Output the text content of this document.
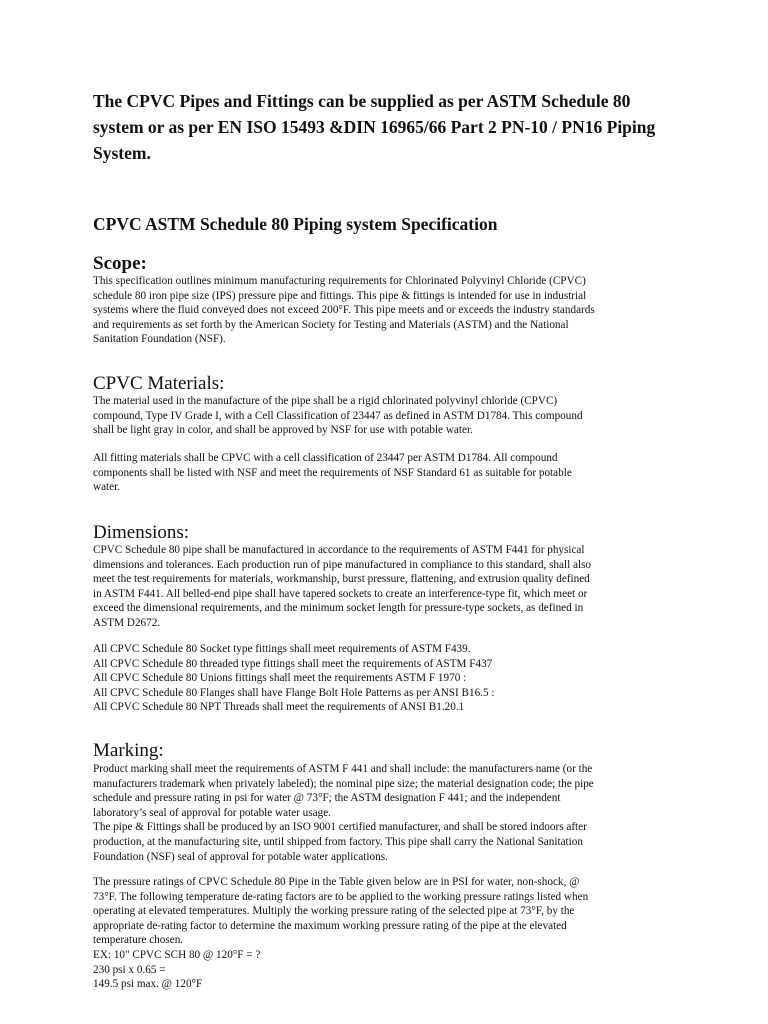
The CPVC Pipes and Fittings can be supplied as per ASTM Schedule 80 system or as per EN ISO 15493 &DIN 16965/66 Part 2 PN-10 / PN16 Piping System.

CPVC ASTM Schedule 80 Piping system Specification
Scope:
This specification outlines minimum manufacturing requirements for Chlorinated Polyvinyl Chloride (CPVC)
schedule 80 iron pipe size (IPS) pressure pipe and fittings. This pipe & fittings is intended for use in industrial
systems where the fluid conveyed does not exceed 200°F. This pipe meets and or exceeds the industry standards
and requirements as set forth by the American Society for Testing and Materials (ASTM) and the National
Sanitation Foundation (NSF).
CPVC Materials:
The material used in the manufacture of the pipe shall be a rigid chlorinated polyvinyl chloride (CPVC)
compound, Type IV Grade I, with a Cell Classification of 23447 as defined in ASTM D1784. This compound
shall be light gray in color, and shall be approved by NSF for use with potable water.
All fitting materials shall be CPVC with a cell classification of 23447 per ASTM D1784. All compound
components shall be listed with NSF and meet the requirements of NSF Standard 61 as suitable for potable
water.
Dimensions:
CPVC Schedule 80 pipe shall be manufactured in accordance to the requirements of ASTM F441 for physical
dimensions and tolerances. Each production run of pipe manufactured in compliance to this standard, shall also
meet the test requirements for materials, workmanship, burst pressure, flattening, and extrusion quality defined
in ASTM F441. All belled-end pipe shall have tapered sockets to create an interference-type fit, which meet or
exceed the dimensional requirements, and the minimum socket length for pressure-type sockets, as defined in
ASTM D2672.
All CPVC Schedule 80 Socket type fittings shall meet requirements of ASTM F439.
All CPVC Schedule 80 threaded type fittings shall meet the requirements of ASTM F437
All CPVC Schedule 80 Unions fittings shall meet the requirements ASTM F 1970 :
All CPVC Schedule 80 Flanges shall have Flange Bolt Hole Patterns as per ANSI B16.5 :
All CPVC Schedule 80 NPT Threads shall meet the requirements of ANSI B1.20.1
Marking:
Product marking shall meet the requirements of ASTM F 441 and shall include: the manufacturers name (or the
manufacturers trademark when privately labeled); the nominal pipe size; the material designation code; the pipe
schedule and pressure rating in psi for water @ 73°F; the ASTM designation F 441; and the independent
laboratory’s seal of approval for potable water usage.
The pipe & Fittings shall be produced by an ISO 9001 certified manufacturer, and shall be stored indoors after
production, at the manufacturing site, until shipped from factory. This pipe shall carry the National Sanitation
Foundation (NSF) seal of approval for potable water applications.
The pressure ratings of CPVC Schedule 80 Pipe in the Table given below are in PSI for water, non-shock, @
73°F. The following temperature de-rating factors are to be applied to the working pressure ratings listed when
operating at elevated temperatures. Multiply the working pressure rating of the selected pipe at 73°F, by the
appropriate de-rating factor to determine the maximum working pressure rating of the pipe at the elevated
temperature chosen.
EX: 10" CPVC SCH 80 @ 120°F = ?
230 psi x 0.65 =
149.5 psi max. @ 120°F
